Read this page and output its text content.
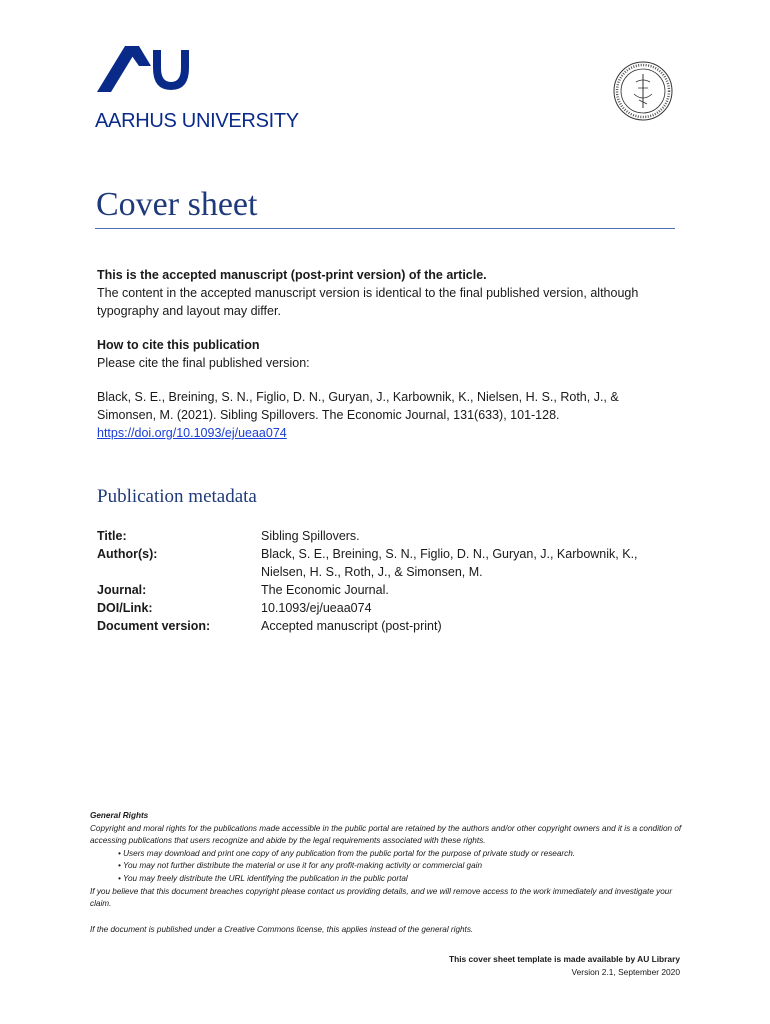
AARHUS UNIVERSITY
Cover sheet
This is the accepted manuscript (post-print version) of the article.
The content in the accepted manuscript version is identical to the final published version, although typography and layout may differ.
How to cite this publication
Please cite the final published version:
Black, S. E., Breining, S. N., Figlio, D. N., Guryan, J., Karbownik, K., Nielsen, H. S., Roth, J., & Simonsen, M. (2021). Sibling Spillovers. The Economic Journal, 131(633), 101-128.
https://doi.org/10.1093/ej/ueaa074
Publication metadata
Title:	Sibling Spillovers.
Author(s):	Black, S. E., Breining, S. N., Figlio, D. N., Guryan, J., Karbownik, K., Nielsen, H. S., Roth, J., & Simonsen, M.
Journal:	The Economic Journal.
DOI/Link:	10.1093/ej/ueaa074
Document version:	Accepted manuscript (post-print)
General Rights
Copyright and moral rights for the publications made accessible in the public portal are retained by the authors and/or other copyright owners and it is a condition of accessing publications that users recognize and abide by the legal requirements associated with these rights.
• Users may download and print one copy of any publication from the public portal for the purpose of private study or research.
• You may not further distribute the material or use it for any profit-making activity or commercial gain
• You may freely distribute the URL identifying the publication in the public portal
If you believe that this document breaches copyright please contact us providing details, and we will remove access to the work immediately and investigate your claim.
If the document is published under a Creative Commons license, this applies instead of the general rights.
This cover sheet template is made available by AU Library
Version 2.1, September 2020
